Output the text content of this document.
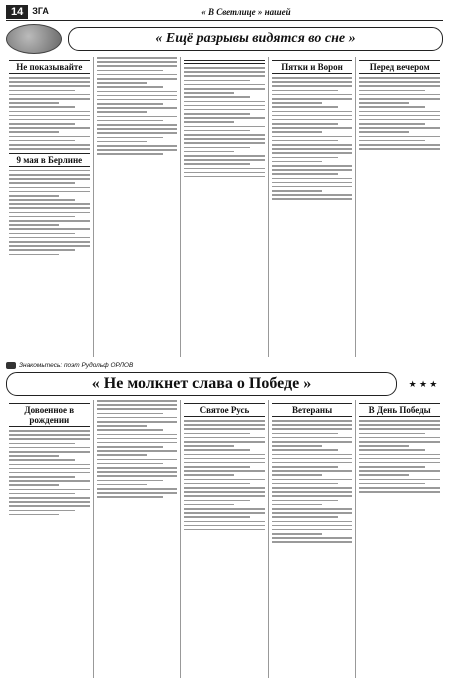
14	ЗГА	« В Светлице » нашей
« Ещё разрывы видятся во сне »
Не показывайте
9 мая в Берлине
Пятки и Ворон	Перед вечером
Знакомьтесь: поэт Рудольф ОРЛОВ
« Не молкнет слава о Победе »	★ ★ ★
Довоенное в рождении
Святое Русь	Ветераны	В День Победы
